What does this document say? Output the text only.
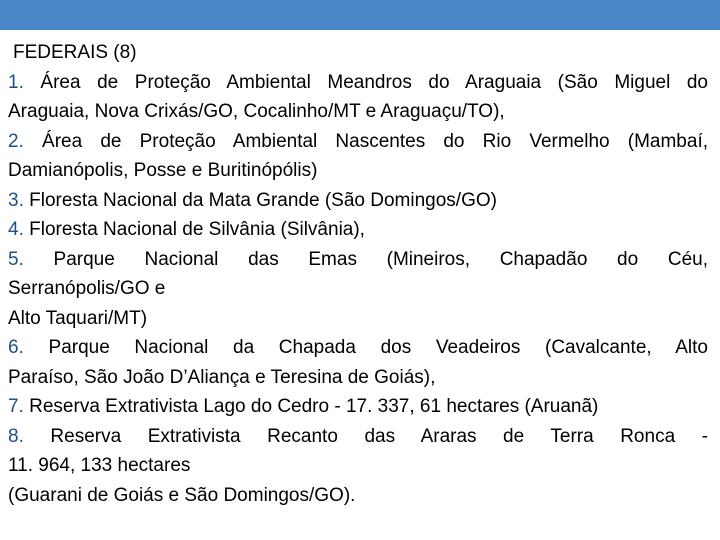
FEDERAIS (8)
1. Área de Proteção Ambiental Meandros do Araguaia (São Miguel do
Araguaia, Nova Crixás/GO, Cocalinho/MT e Araguaçu/TO),
2. Área de Proteção Ambiental Nascentes do Rio Vermelho (Mambaí,
Damianópolis, Posse e Buritinópólis)
3. Floresta Nacional da Mata Grande (São Domingos/GO)
4. Floresta Nacional de Silvânia (Silvânia),
5. Parque Nacional das Emas (Mineiros, Chapadão do Céu,
Serranópolis/GO e
Alto Taquari/MT)
6. Parque Nacional da Chapada dos Veadeiros (Cavalcante, Alto
Paraíso, São João D’Aliança e Teresina de Goiás),
7. Reserva Extrativista Lago do Cedro - 17. 337, 61 hectares (Aruanã)
8. Reserva Extrativista Recanto das Araras de Terra Ronca -
11. 964, 133 hectares
(Guarani de Goiás e São Domingos/GO).
